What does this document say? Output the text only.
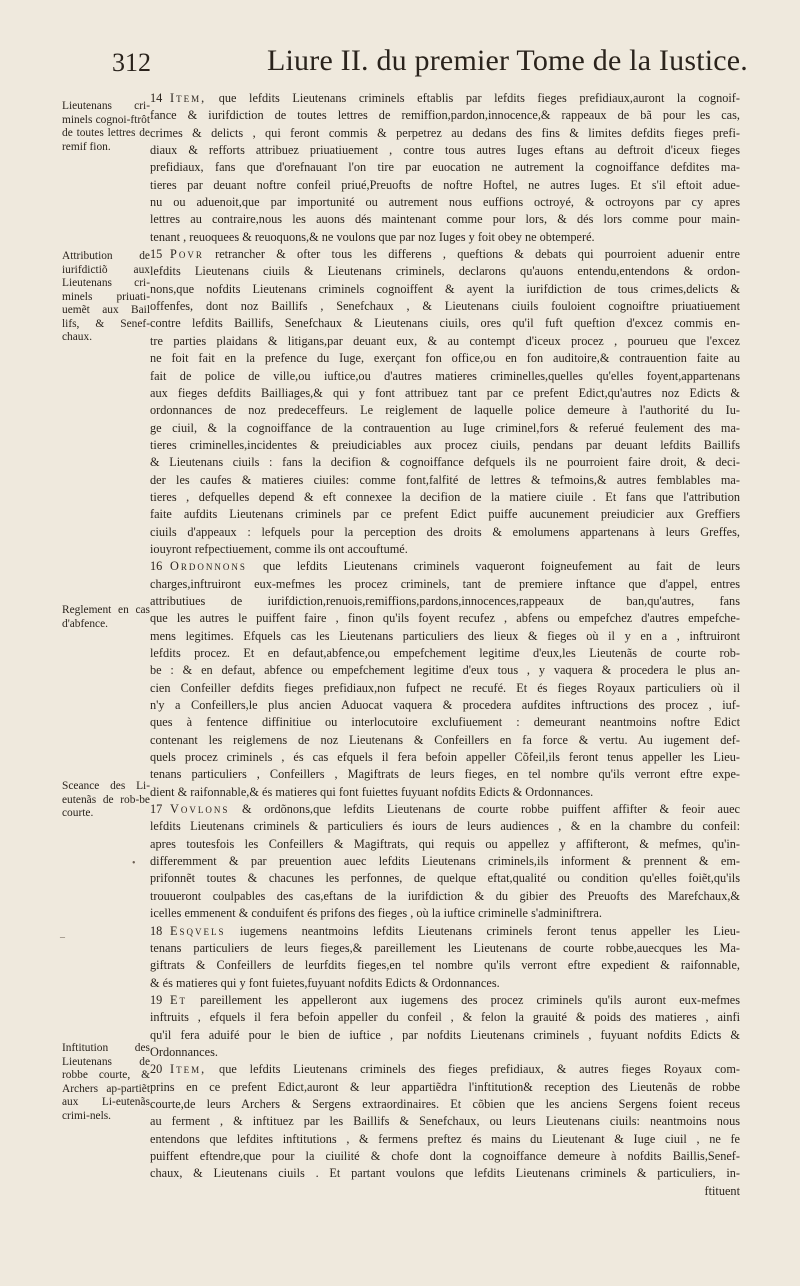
312	Liure II. du premier Tome de la Iustice.
Lieutenans cri-minels cognoi-ftrôt de toutes lettres de remif fion.
Attribution de iurifdictiõ aux Lieutenans cri-minels priuati-uemẽt aux Bail lifs, & Senef-chaux.
Reglement en cas d'abfence.
Sceance des Li-eutenãs de rob-be courte.
Inftitution des Lieutenans de robbe courte, & Archers ap-partiẽt aux Li-eutenãs crimi-nels.
14 Item, que lefdits Lieutenans criminels eftablis par lefdits fieges prefidiaux,auront la cognoif-
fance & iurifdiction de toutes lettres de remiffion,pardon,innocence,& rappeaux de bã pour les cas,
crimes & delicts , qui feront commis & perpetrez au dedans des fins & limites defdits fieges prefi-
diaux & refforts attribuez priuatiuement , contre tous autres Iuges eftans au deftroit d'iceux fieges
prefidiaux, fans que d'orefnauant l'on tire par euocation ne autrement la cognoiffance defdites ma-
tieres par deuant noftre confeil priué,Preuofts de noftre Hoftel, ne autres Iuges. Et s'il eftoit adue-
nu ou aduenoit,que par importunité ou autrement nous euffions octroyé, & octroyons par cy apres
lettres au contraire,nous les auons dés maintenant comme pour lors, & dés lors comme pour main-
tenant , reuoquees & reuoquons,& ne voulons que par noz Iuges y foit obey ne obtemperé.
15 Povr retrancher & ofter tous les differens , queftions & debats qui pourroient aduenir entre
lefdits Lieutenans ciuils & Lieutenans criminels, declarons qu'auons entendu,entendons & ordon-
nons,que nofdits Lieutenans criminels cognoiffent & ayent la iurifdiction de tous crimes,delicts &
offenfes, dont noz Baillifs , Senefchaux , & Lieutenans ciuils fouloient cognoiftre priuatiuement
contre lefdits Baillifs, Senefchaux & Lieutenans ciuils, ores qu'il fuft queftion d'excez commis en-
tre parties plaidans & litigans,par deuant eux, & au contempt d'iceux procez , pourueu que l'excez
ne foit fait en la prefence du Iuge, exerçant fon office,ou en fon auditoire,& contrauention faite au
fait de police de ville,ou iuftice,ou d'autres matieres criminelles,quelles qu'elles foyent,appartenans
aux fieges defdits Bailliages,& qui y font attribuez tant par ce prefent Edict,qu'autres noz Edicts &
ordonnances de noz predeceffeurs. Le reiglement de laquelle police demeure à l'authorité du Iu-
ge ciuil, & la cognoiffance de la contrauention au Iuge criminel,fors & referué feulement des ma-
tieres criminelles,incidentes & preiudiciables aux procez ciuils, pendans par deuant lefdits Baillifs
& Lieutenans ciuils : fans la decifion & cognoiffance defquels ils ne pourroient faire droit, & deci-
der les caufes & matieres ciuiles: comme font,falfité de lettres & tefmoins,& autres femblables ma-
tieres , defquelles depend & eft connexee la decifion de la matiere ciuile . Et fans que l'attribution
faite aufdits Lieutenans criminels par ce prefent Edict puiffe aucunement preiudicier aux Greffiers
ciuils d'appeaux : lefquels pour la perception des droits & emolumens appartenans à leurs Greffes,
iouyront refpectiuement, comme ils ont accouftumé.
16 Ordonnons que lefdits Lieutenans criminels vaqueront foigneufement au fait de leurs
charges,inftruiront eux-mefmes les procez criminels, tant de premiere inftance que d'appel, entres
attributiues de iurifdiction,renuois,remiffions,pardons,innocences,rappeaux de ban,qu'autres, fans
que les autres le puiffent faire , finon qu'ils foyent recufez , abfens ou empefchez d'autres empefche-
mens legitimes. Efquels cas les Lieutenans particuliers des lieux & fieges où il y en a , inftruiront
lefdits procez. Et en defaut,abfence,ou empefchement legitime d'eux,les Lieutenãs de courte rob-
be : & en defaut, abfence ou empefchement legitime d'eux tous , y vaquera & procedera le plus an-
cien Confeiller defdits fieges prefidiaux,non fufpect ne recufé. Et és fieges Royaux particuliers où il
n'y a Confeillers,le plus ancien Aduocat vaquera & procedera aufdites inftructions des procez , iuf-
ques à fentence diffinitiue ou interlocutoire exclufiuement : demeurant neantmoins noftre Edict
contenant les reiglemens de noz Lieutenans & Confeillers en fa force & vertu. Au iugement def-
quels procez criminels , és cas efquels il fera befoin appeller Cõfeil,ils feront tenus appeller les Lieu-
tenans particuliers , Confeillers , Magiftrats de leurs fieges, en tel nombre qu'ils verront eftre expe-
dient & raifonnable,& és matieres qui font fuiettes fuyuant nofdits Edicts & Ordonnances.
17 Vovlons & ordõnons,que lefdits Lieutenans de courte robbe puiffent affifter & feoir auec
lefdits Lieutenans criminels & particuliers és iours de leurs audiences , & en la chambre du confeil:
apres toutesfois les Confeillers & Magiftrats, qui requis ou appellez y affifteront, & mefmes, qu'in-
differemment & par preuention auec lefdits Lieutenans criminels,ils informent & prennent & em-
prifonnẽt toutes & chacunes les perfonnes, de quelque eftat,qualité ou condition qu'elles foiẽt,qu'ils
trouueront coulpables des cas,eftans de la iurifdiction & du gibier des Preuofts des Marefchaux,&
icelles emmenent & conduifent és prifons des fieges , où la iuftice criminelle s'adminiftrera.
18 Esqvels iugemens neantmoins lefdits Lieutenans criminels feront tenus appeller les Lieu-
tenans particuliers de leurs fieges,& pareillement les Lieutenans de courte robbe,auecques les Ma-
giftrats & Confeillers de leurfdits fieges,en tel nombre qu'ils verront eftre expedient & raifonnable,
& és matieres qui y font fuietes,fuyuant nofdits Edicts & Ordonnances.
19 Et pareillement les appelleront aux iugemens des procez criminels qu'ils auront eux-mefmes
inftruits , efquels il fera befoin appeller du confeil , & felon la grauité & poids des matieres , ainfi
qu'il fera aduifé pour le bien de iuftice , par nofdits Lieutenans criminels , fuyuant nofdits Edicts &
Ordonnances.
20 Item, que lefdits Lieutenans criminels des fieges prefidiaux, & autres fieges Royaux com-
prins en ce prefent Edict,auront & leur appartiẽdra l'inftitution& reception des Lieutenãs de robbe
courte,de leurs Archers & Sergens extraordinaires. Et cõbien que les anciens Sergens foient receus
au ferment , & inftituez par les Baillifs & Senefchaux, ou leurs Lieutenans ciuils: neantmoins nous
entendons que lefdites inftitutions , & fermens preftez és mains du Lieutenant & Iuge ciuil , ne fe
puiffent eftendre,que pour la ciuilité & chofe dont la cognoiffance demeure à nofdits Baillis,Senef-
chaux, & Lieutenans ciuils . Et partant voulons que lefdits Lieutenans criminels & particuliers, in-
ftituent
•
–
